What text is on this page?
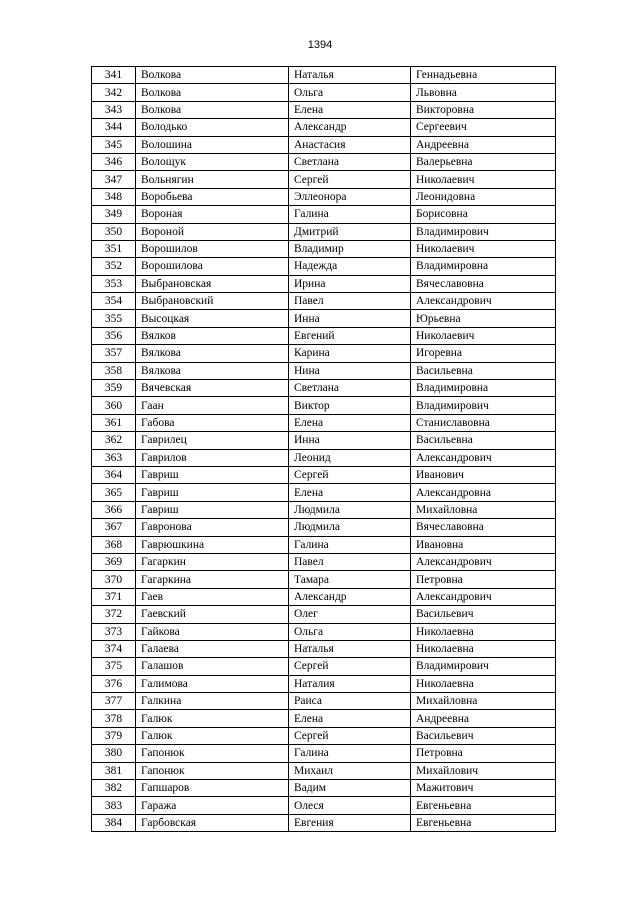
1394
341	Волкова	Наталья	Геннадьевна
342	Волкова	Ольга	Львовна
343	Волкова	Елена	Викторовна
344	Володько	Александр	Сергеевич
345	Волошина	Анастасия	Андреевна
346	Волощук	Светлана	Валерьевна
347	Вольнягин	Сергей	Николаевич
348	Воробьева	Эллеонора	Леонидовна
349	Вороная	Галина	Борисовна
350	Вороной	Дмитрий	Владимирович
351	Ворошилов	Владимир	Николаевич
352	Ворошилова	Надежда	Владимировна
353	Выбрановская	Ирина	Вячеславовна
354	Выбрановский	Павел	Александрович
355	Высоцкая	Инна	Юрьевна
356	Вялков	Евгений	Николаевич
357	Вялкова	Карина	Игоревна
358	Вялкова	Нина	Васильевна
359	Вячевская	Светлана	Владимировна
360	Гаан	Виктор	Владимирович
361	Габова	Елена	Станиславовна
362	Гаврилец	Инна	Васильевна
363	Гаврилов	Леонид	Александрович
364	Гавриш	Сергей	Иванович
365	Гавриш	Елена	Александровна
366	Гавриш	Людмила	Михайловна
367	Гавронова	Людмила	Вячеславовна
368	Гаврюшкина	Галина	Ивановна
369	Гагаркин	Павел	Александрович
370	Гагаркина	Тамара	Петровна
371	Гаев	Александр	Александрович
372	Гаевский	Олег	Васильевич
373	Гайкова	Ольга	Николаевна
374	Галаева	Наталья	Николаевна
375	Галашов	Сергей	Владимирович
376	Галимова	Наталия	Николаевна
377	Галкина	Раиса	Михайловна
378	Галюк	Елена	Андреевна
379	Галюк	Сергей	Васильевич
380	Гапонюк	Галина	Петровна
381	Гапонюк	Михаил	Михайлович
382	Гапшаров	Вадим	Мажитович
383	Гаража	Олеся	Евгеньевна
384	Гарбовская	Евгения	Евгеньевна
